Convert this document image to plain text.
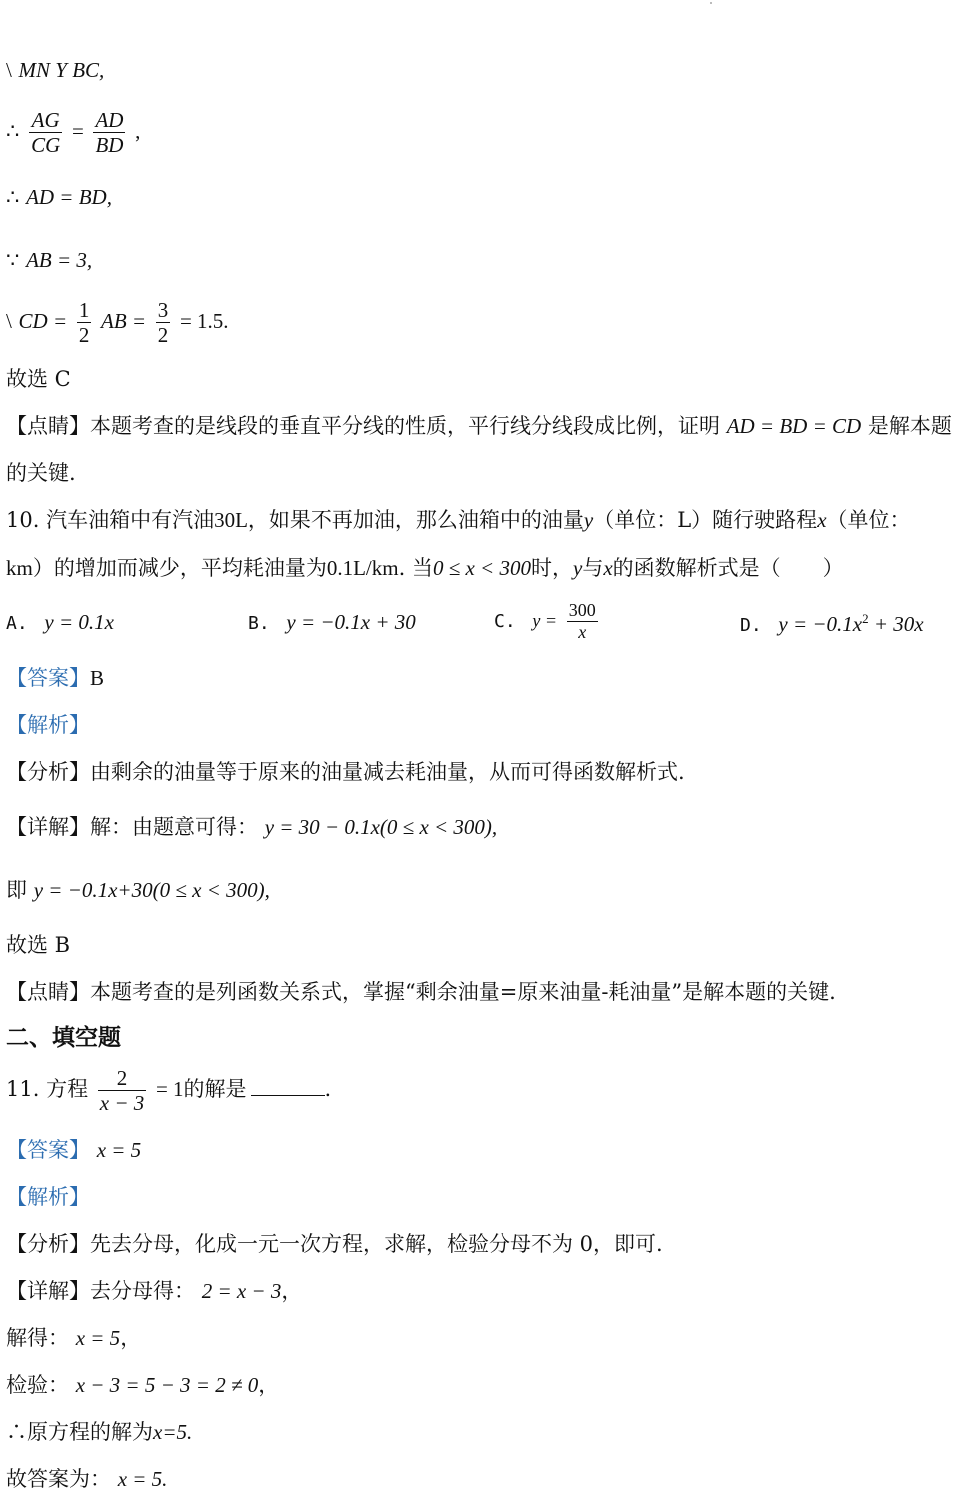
\ MN Y BC,
∴ $\frac{AG}{CG} = \frac{AD}{BD}$ ,
∴ AD = BD,
∵ AB = 3,
\ CD = $\frac{1}{2}$ AB = $\frac{3}{2} = 1.5$.
故选 C
【点睛】本题考查的是线段的垂直平分线的性质，平行线分线段成比例，证明 AD = BD = CD 是解本题
的关键.
10. 汽车油箱中有汽油30L，如果不再加油，那么油箱中的油量y（单位：L）随行驶路程x（单位：
km）的增加而减少，平均耗油量为0.1L/km. 当0 ≤ x < 300时，y与x的函数解析式是（　　）
A. y = 0.1x	B. y = −0.1x + 30	C. $y = \frac{300}{x}$	D. $y = -0.1x^2 + 30x$
【答案】B
【解析】
【分析】由剩余的油量等于原来的油量减去耗油量，从而可得函数解析式.
【详解】解：由题意可得： y = 30 − 0.1x(0 ≤ x < 300),
即 y = −0.1x+30(0 ≤ x < 300),
故选 B
【点睛】本题考查的是列函数关系式，掌握“剩余油量=原来油量-耗油量”是解本题的关键.
二、填空题
11. 方程 $\frac{2}{x - 3} = 1$的解是	.
【答案】 x = 5
【解析】
【分析】先去分母，化成一元一次方程，求解，检验分母不为 0，即可.
【详解】去分母得： 2 = x − 3，
解得： x = 5，
检验： x − 3 = 5 − 3 = 2 ≠ 0，
∴原方程的解为x=5.
故答案为： x = 5.
